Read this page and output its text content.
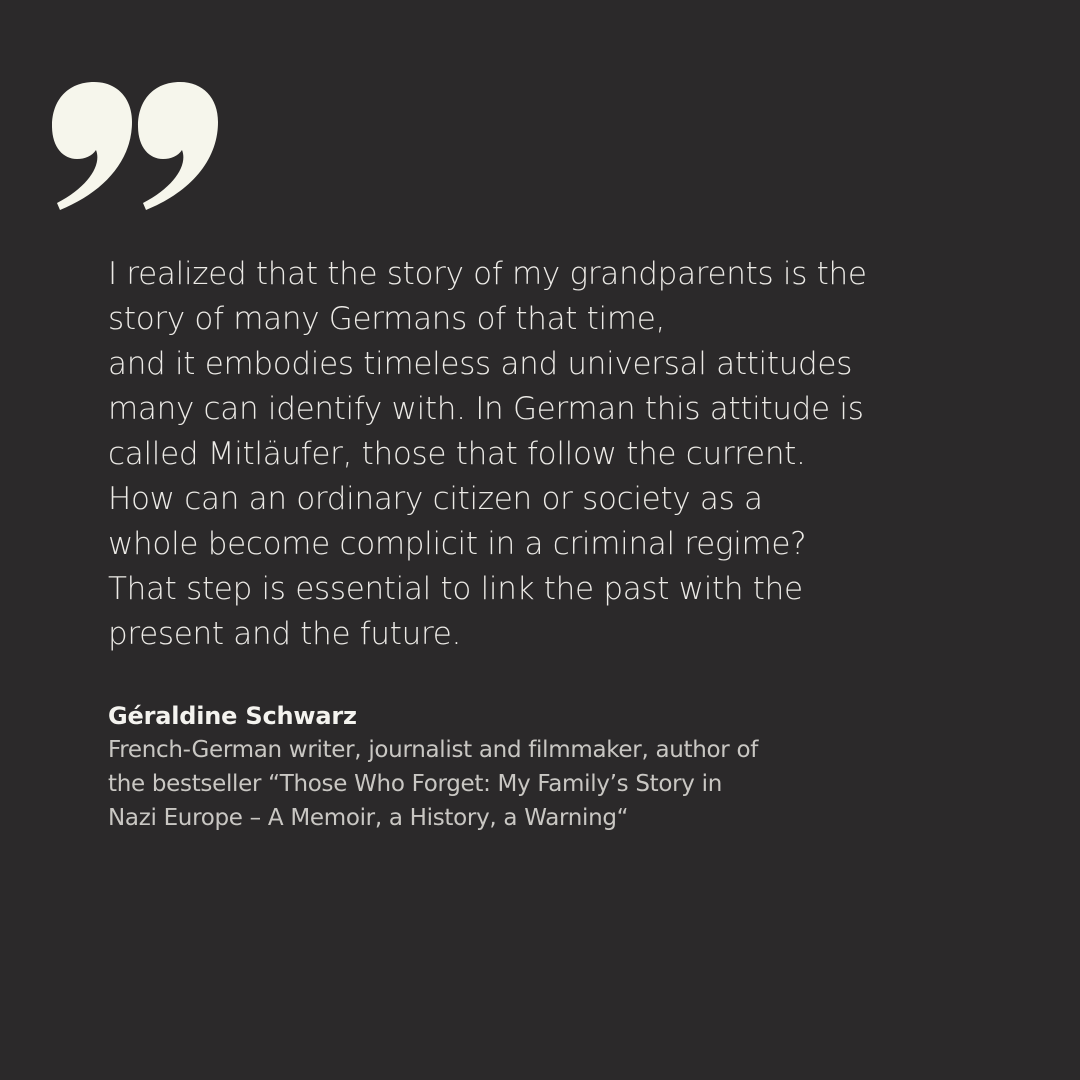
I realized that the story of my grandparents is the
story of many Germans of that time,
and it embodies timeless and universal attitudes
many can identify with. In German this attitude is
called Mitläufer, those that follow the current.
How can an ordinary citizen or society as a
whole become complicit in a criminal regime?
That step is essential to link the past with the
present and the future.

Géraldine Schwarz

French-German writer, journalist and filmmaker, author of
the bestseller “Those Who Forget: My Family’s Story in
Nazi Europe – A Memoir, a History, a Warning“
